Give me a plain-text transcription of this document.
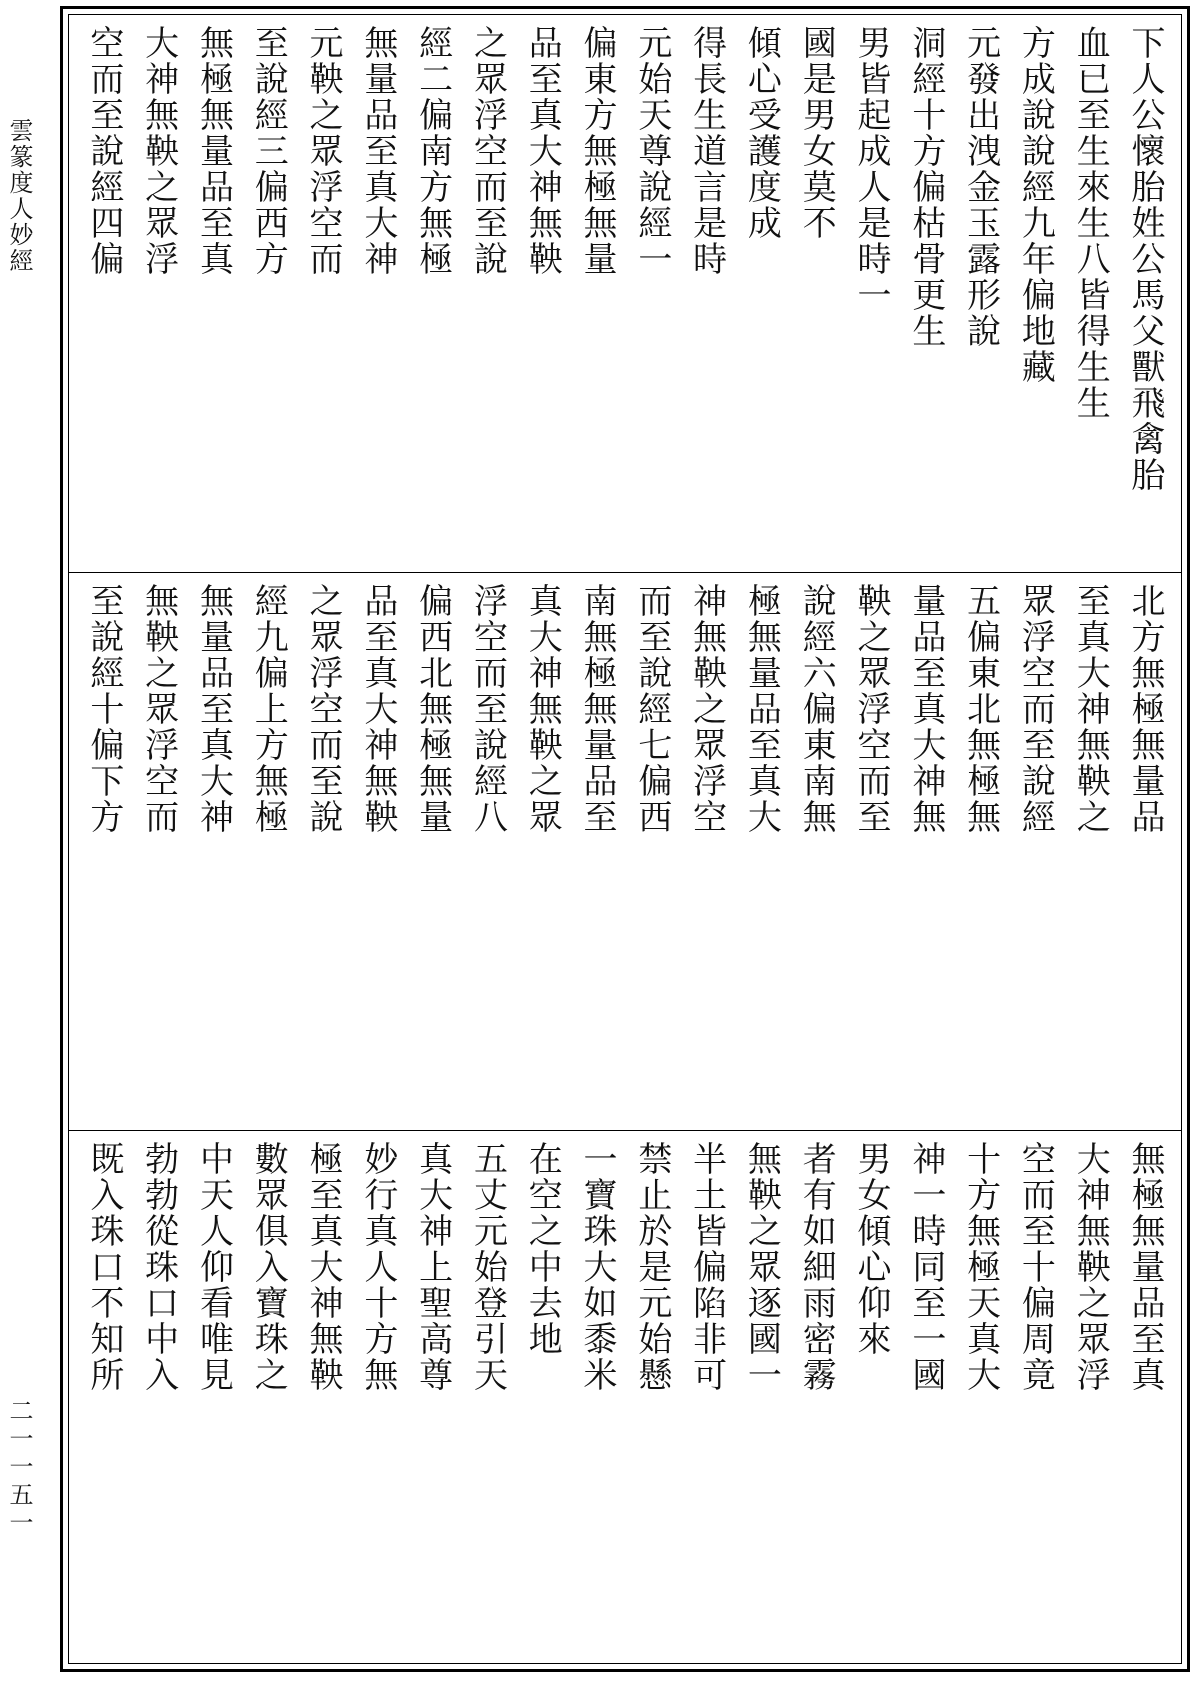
雲篆度人妙經
二一一五一
下人公懷胎姓公馬父獸飛禽胎
血已至生來生八皆得生生
方成說說經九年偏地藏
元發出洩金玉露形說
洞經十方偏枯骨更生
男皆起成人是時一
國是男女莫不
傾心受護度成
得長生道言是時
元始天尊說經一
偏東方無極無量
品至真大神無鞅
之眾浮空而至說
經二偏南方無極
無量品至真大神
元鞅之眾浮空而
至說經三偏西方
無極無量品至真
大神無鞅之眾浮
空而至說經四偏
北方無極無量品
至真大神無鞅之
眾浮空而至說經
五偏東北無極無
量品至真大神無
鞅之眾浮空而至
說經六偏東南無
極無量品至真大
神無鞅之眾浮空
而至說經七偏西
南無極無量品至
真大神無鞅之眾
浮空而至說經八
偏西北無極無量
品至真大神無鞅
之眾浮空而至說
經九偏上方無極
無量品至真大神
無鞅之眾浮空而
至說經十偏下方
無極無量品至真
大神無鞅之眾浮
空而至十偏周竟
十方無極天真大
神一時同至一國
男女傾心仰來
者有如細雨密霧
無鞅之眾逐國一
半土皆偏陷非可
禁止於是元始懸
一寶珠大如黍米
在空之中去地
五丈元始登引天
真大神上聖高尊
妙行真人十方無
極至真大神無鞅
數眾俱入寶珠之
中天人仰看唯見
勃勃從珠口中入
既入珠口不知所
